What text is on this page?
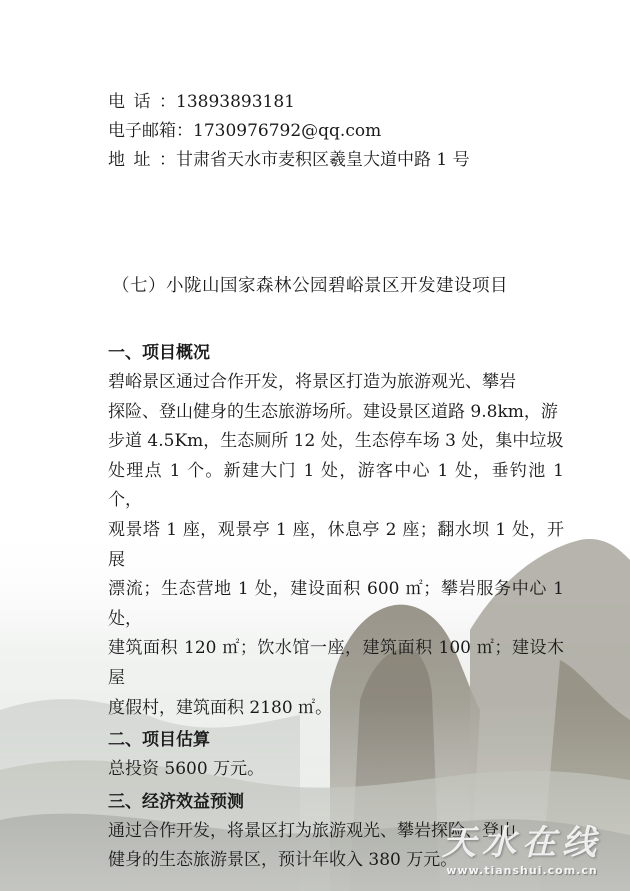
电话：13893893181
电子邮箱：1730976792@qq.com
地址：甘肃省天水市麦积区羲皇大道中路 1 号
（七）小陇山国家森林公园碧峪景区开发建设项目
一、项目概况

碧峪景区通过合作开发，将景区打造为旅游观光、攀岩

探险、登山健身的生态旅游场所。建设景区道路 9.8km，游

步道 4.5Km，生态厕所 12 处，生态停车场 3 处，集中垃圾

处理点 1 个。新建大门 1 处，游客中心 1 处，垂钓池 1 个，

观景塔 1 座，观景亭 1 座，休息亭 2 座；翻水坝 1 处，开展

漂流；生态营地 1 处，建设面积 600 ㎡；攀岩服务中心 1 处，

建筑面积 120 ㎡；饮水馆一座，建筑面积 100 ㎡；建设木屋

度假村，建筑面积 2180 ㎡。

二、项目估算

总投资 5600 万元。

三、经济效益预测

通过合作开发，将景区打为旅游观光、攀岩探险、登山

健身的生态旅游景区，预计年收入 380 万元。

天水在线
www.tianshui.com.cn
